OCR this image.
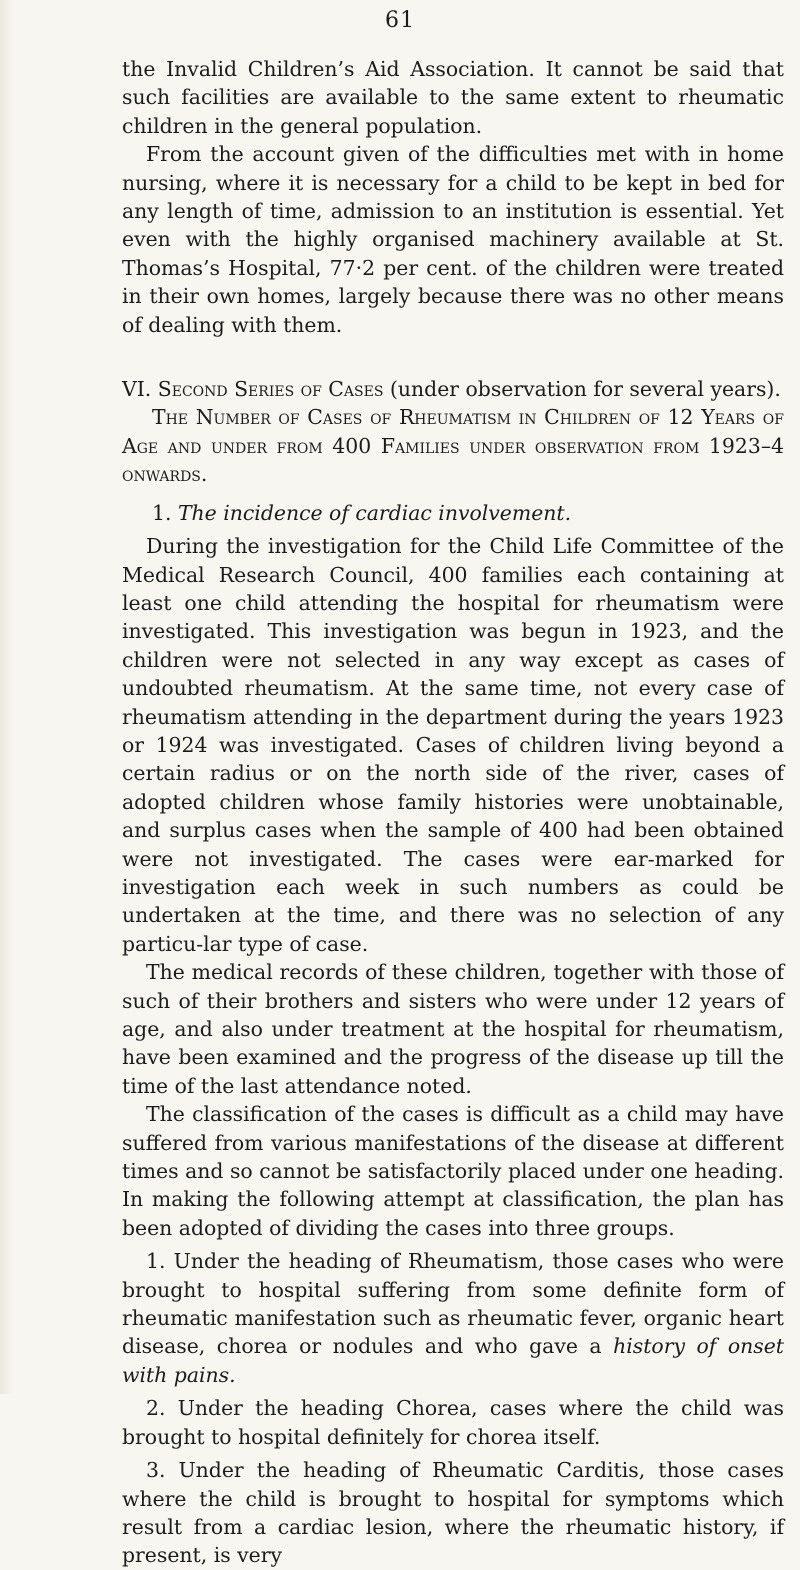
61

the Invalid Children’s Aid Association. It cannot be said that such facilities are available to the same extent to rheumatic children in the general population.

From the account given of the difficulties met with in home nursing, where it is necessary for a child to be kept in bed for any length of time, admission to an institution is essential. Yet even with the highly organised machinery available at St. Thomas’s Hospital, 77·2 per cent. of the children were treated in their own homes, largely because there was no other means of dealing with them.

VI. Second Series of Cases (under observation for several years).

The Number of Cases of Rheumatism in Children of 12 Years of Age and under from 400 Families under observation from 1923–4 onwards.

1. The incidence of cardiac involvement.

During the investigation for the Child Life Committee of the Medical Research Council, 400 families each containing at least one child attending the hospital for rheumatism were investigated. This investigation was begun in 1923, and the children were not selected in any way except as cases of undoubted rheumatism. At the same time, not every case of rheumatism attending in the department during the years 1923 or 1924 was investigated. Cases of children living beyond a certain radius or on the north side of the river, cases of adopted children whose family histories were unobtainable, and surplus cases when the sample of 400 had been obtained were not investigated. The cases were ear-marked for investigation each week in such numbers as could be undertaken at the time, and there was no selection of any particu-lar type of case.

The medical records of these children, together with those of such of their brothers and sisters who were under 12 years of age, and also under treatment at the hospital for rheumatism, have been examined and the progress of the disease up till the time of the last attendance noted.

The classification of the cases is difficult as a child may have suffered from various manifestations of the disease at different times and so cannot be satisfactorily placed under one heading. In making the following attempt at classification, the plan has been adopted of dividing the cases into three groups.

1. Under the heading of Rheumatism, those cases who were brought to hospital suffering from some definite form of rheumatic manifestation such as rheumatic fever, organic heart disease, chorea or nodules and who gave a history of onset with pains.

2. Under the heading Chorea, cases where the child was brought to hospital definitely for chorea itself.

3. Under the heading of Rheumatic Carditis, those cases where the child is brought to hospital for symptoms which result from a cardiac lesion, where the rheumatic history, if present, is very
